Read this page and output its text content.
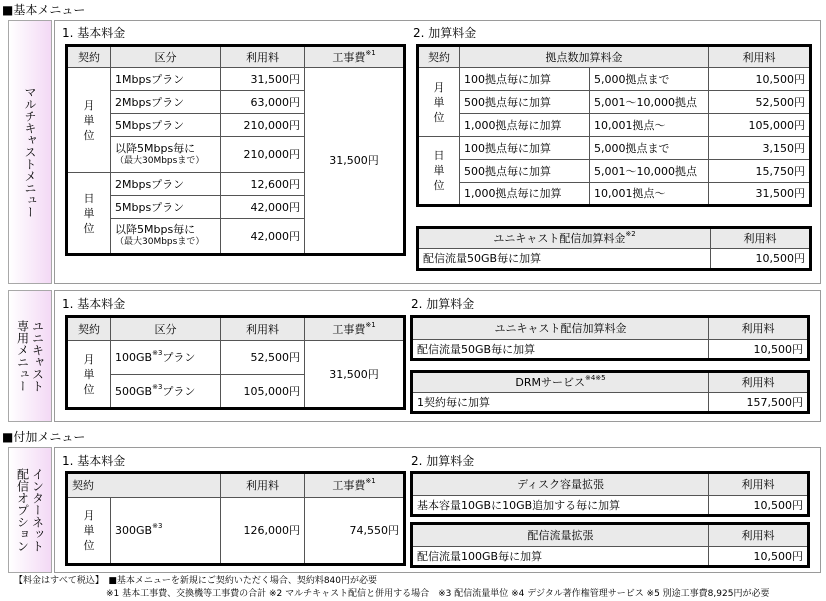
■基本メニュー
■付加メニュー
マルチキャストメニュー
1. 基本料金	2. 加算料金
契約	区分	利用料	工事費$^{※1}$

月
単
位	1Mbpsプラン	31,500円	31,500円
	2Mbpsプラン	63,000円	
	5Mbpsプラン	210,000円	

	以降5Mbps毎に
（最大30Mbpsまで）	210,000円	

日
単
位	2Mbpsプラン	12,600円	
	5Mbpsプラン	42,000円	

	以降5Mbps毎に
（最大30Mbpsまで）	42,000円	
契約	拠点数加算料金		利用料

月
単
位	100拠点毎に加算	5,000拠点まで	10,500円
	500拠点毎に加算	5,001～10,000拠点	52,500円
	1,000拠点毎に加算	10,001拠点～	105,000円

日
単
位	100拠点毎に加算	5,000拠点まで	3,150円
	500拠点毎に加算	5,001～10,000拠点	15,750円
	1,000拠点毎に加算	10,001拠点～	31,500円
ユニキャスト配信加算料金$^{※2}$	利用料
配信流量50GB毎に加算	10,500円
ユニキャスト
専用メニュー
1. 基本料金	2. 加算料金
契約	区分	利用料	工事費$^{※1}$

月
単
位	100GB$^{※3}$プラン	52,500円	31,500円
	500GB$^{※3}$プラン	105,000円	
ユニキャスト配信加算料金	利用料
配信流量50GB毎に加算	10,500円
DRMサービス$^{※4※5}$	利用料
1契約毎に加算	157,500円
インターネット
配信オプション
1. 基本料金	2. 加算料金
契約		利用料	工事費$^{※1}$

月
単
位	300GB$^{※3}$	126,000円	74,550円
ディスク容量拡張	利用料
基本容量10GBに10GB追加する毎に加算	10,500円
配信流量拡張	利用料
配信流量100GB毎に加算	10,500円
【料金はすべて税込】　■基本メニューを新規にご契約いただく場合、契約料840円が必要
※1 基本工事費、交換機等工事費の合計 ※2 マルチキャスト配信と併用する場合　※3 配信流量単位 ※4 デジタル著作権管理サービス ※5 別途工事費8,925円が必要
